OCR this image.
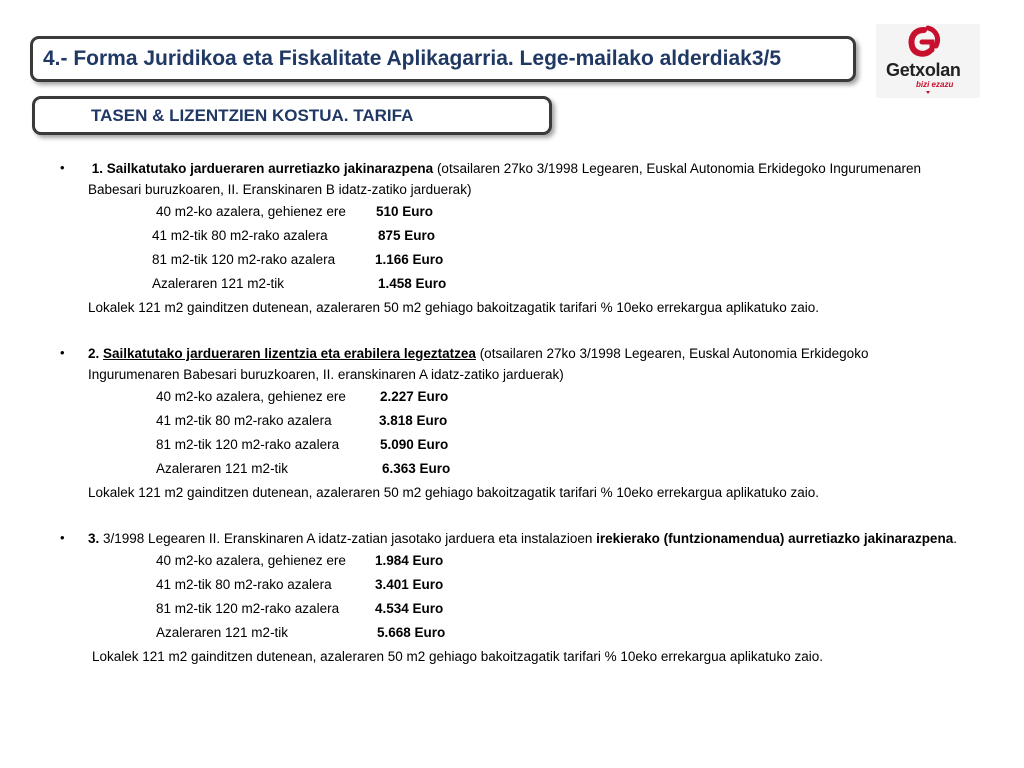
4.- Forma Juridikoa eta Fiskalitate Aplikagarria. Lege-mailako alderdiak3/5
TASEN & LIZENTZIEN KOSTUA. TARIFA
Getxolan
bizi ezazu
• 1. Sailkatutako jardueraren aurretiazko jakinarazpena (otsailaren 27ko 3/1998 Legearen, Euskal Autonomia Erkidegoko Ingurumenaren Babesari buruzkoaren, II. Eranskinaren B idatz-zatiko jarduerak)
40 m2-ko azalera, gehienez ere 510 Euro
41 m2-tik 80 m2-rako azalera	875 Euro
81 m2-tik 120 m2-rako azalera	1.166 Euro
Azaleraren 121 m2-tik	1.458 Euro
Lokalek 121 m2 gainditzen dutenean, azaleraren 50 m2 gehiago bakoitzagatik tarifari % 10eko errekargua aplikatuko zaio.
• 2. Sailkatutako jardueraren lizentzia eta erabilera legeztatzea (otsailaren 27ko 3/1998 Legearen, Euskal Autonomia Erkidegoko Ingurumenaren Babesari buruzkoaren, II. eranskinaren A idatz-zatiko jarduerak)
40 m2-ko azalera, gehienez ere	2.227 Euro
41 m2-tik 80 m2-rako azalera	3.818 Euro
81 m2-tik 120 m2-rako azalera	5.090 Euro
Azaleraren 121 m2-tik	6.363 Euro
Lokalek 121 m2 gainditzen dutenean, azaleraren 50 m2 gehiago bakoitzagatik tarifari % 10eko errekargua aplikatuko zaio.
• 3. 3/1998 Legearen II. Eranskinaren A idatz-zatian jasotako jarduera eta instalazioen irekierako (funtzionamendua) aurretiazko jakinarazpena.
40 m2-ko azalera, gehienez ere 1.984 Euro
41 m2-tik 80 m2-rako azalera	3.401 Euro
81 m2-tik 120 m2-rako azalera	4.534 Euro
Azaleraren 121 m2-tik	5.668 Euro
Lokalek 121 m2 gainditzen dutenean, azaleraren 50 m2 gehiago bakoitzagatik tarifari % 10eko errekargua aplikatuko zaio.
